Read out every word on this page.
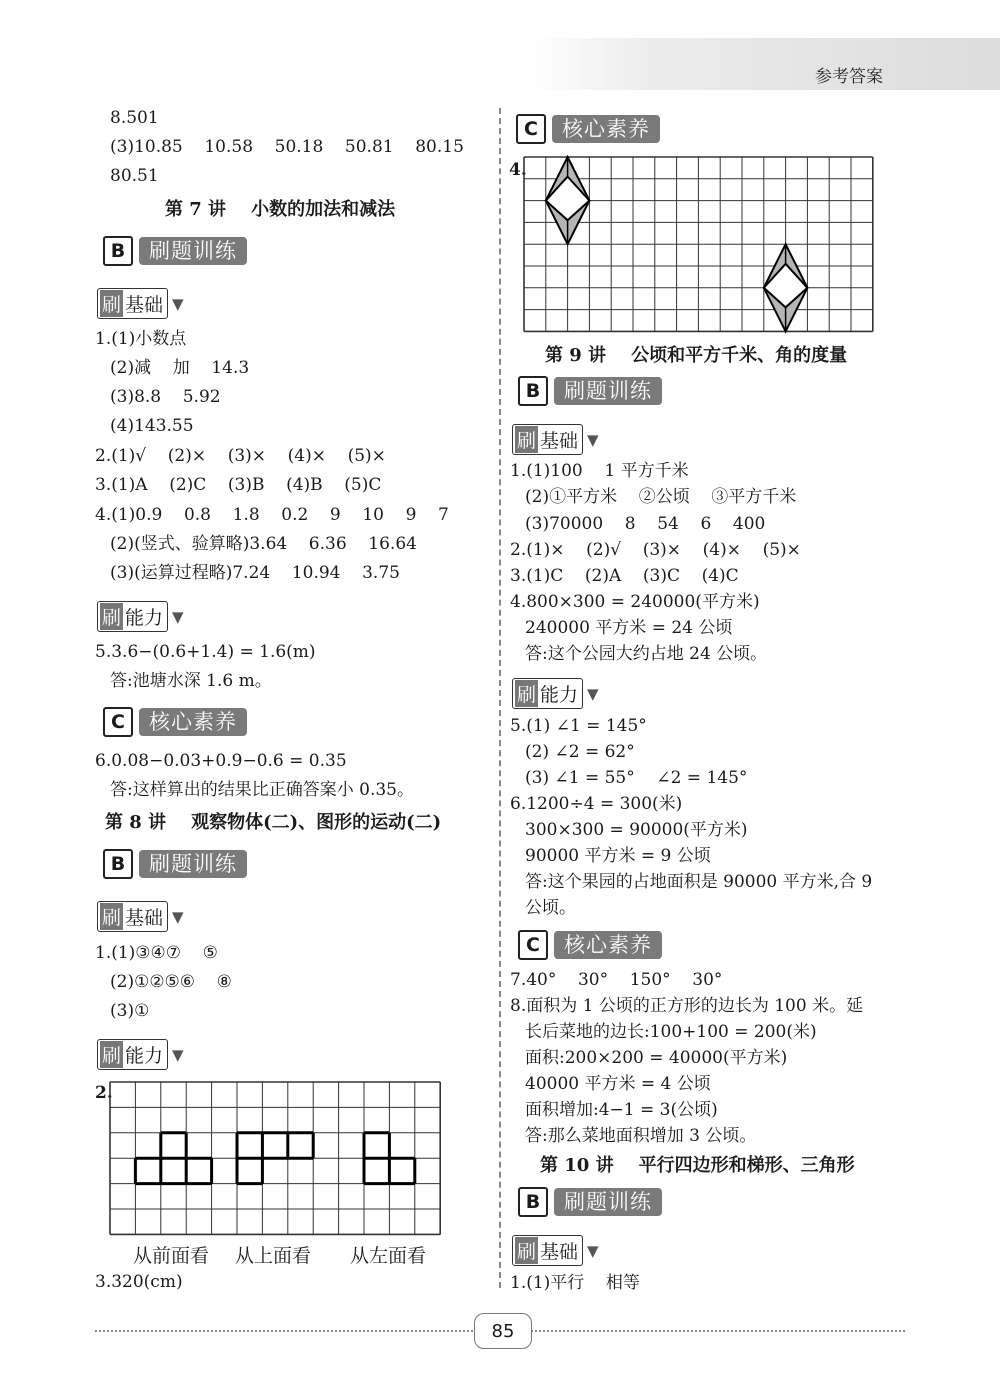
参考答案
8.501
(3)10.85    10.58    50.18    50.81    80.15
80.51
第 7 讲    小数的加法和减法
B	刷题训练
刷 基础 ▼
1.(1)小数点
(2)减    加    14.3
(3)8.8    5.92
(4)143.55
2.(1)√    (2)×    (3)×    (4)×    (5)×
3.(1)A    (2)C    (3)B    (4)B    (5)C
4.(1)0.9    0.8    1.8    0.2    9    10    9    7
(2)(竖式、验算略)3.64    6.36    16.64
(3)(运算过程略)7.24    10.94    3.75
刷 能力 ▼
5.3.6−(0.6+1.4) = 1.6(m)
答:池塘水深 1.6 m。
C	核心素养
6.0.08−0.03+0.9−0.6 = 0.35
答:这样算出的结果比正确答案小 0.35。
第 8 讲    观察物体(二)、图形的运动(二)
B	刷题训练
刷 基础 ▼
1.(1)③④⑦    ⑤
(2)①②⑤⑥    ⑧
(3)①
刷 能力 ▼
2.
从前面看 从上面看 从左面看
3.320(cm)
C	核心素养
4.
第 9 讲    公顷和平方千米、角的度量
B	刷题训练
刷 基础 ▼
1.(1)100    1 平方千米
(2)①平方米    ②公顷    ③平方千米
(3)70000    8    54    6    400
2.(1)×    (2)√    (3)×    (4)×    (5)×
3.(1)C    (2)A    (3)C    (4)C
4.800×300 = 240000(平方米)
240000 平方米 = 24 公顷
答:这个公园大约占地 24 公顷。
刷 能力 ▼
5.(1) ∠1 = 145°
(2) ∠2 = 62°
(3) ∠1 = 55°    ∠2 = 145°
6.1200÷4 = 300(米)
300×300 = 90000(平方米)
90000 平方米 = 9 公顷
答:这个果园的占地面积是 90000 平方米,合 9
公顷。
C	核心素养
7.40°    30°    150°    30°
8.面积为 1 公顷的正方形的边长为 100 米。延
长后菜地的边长:100+100 = 200(米)
面积:200×200 = 40000(平方米)
40000 平方米 = 4 公顷
面积增加:4−1 = 3(公顷)
答:那么菜地面积增加 3 公顷。
第 10 讲    平行四边形和梯形、三角形
B	刷题训练
刷 基础 ▼
1.(1)平行    相等
85
